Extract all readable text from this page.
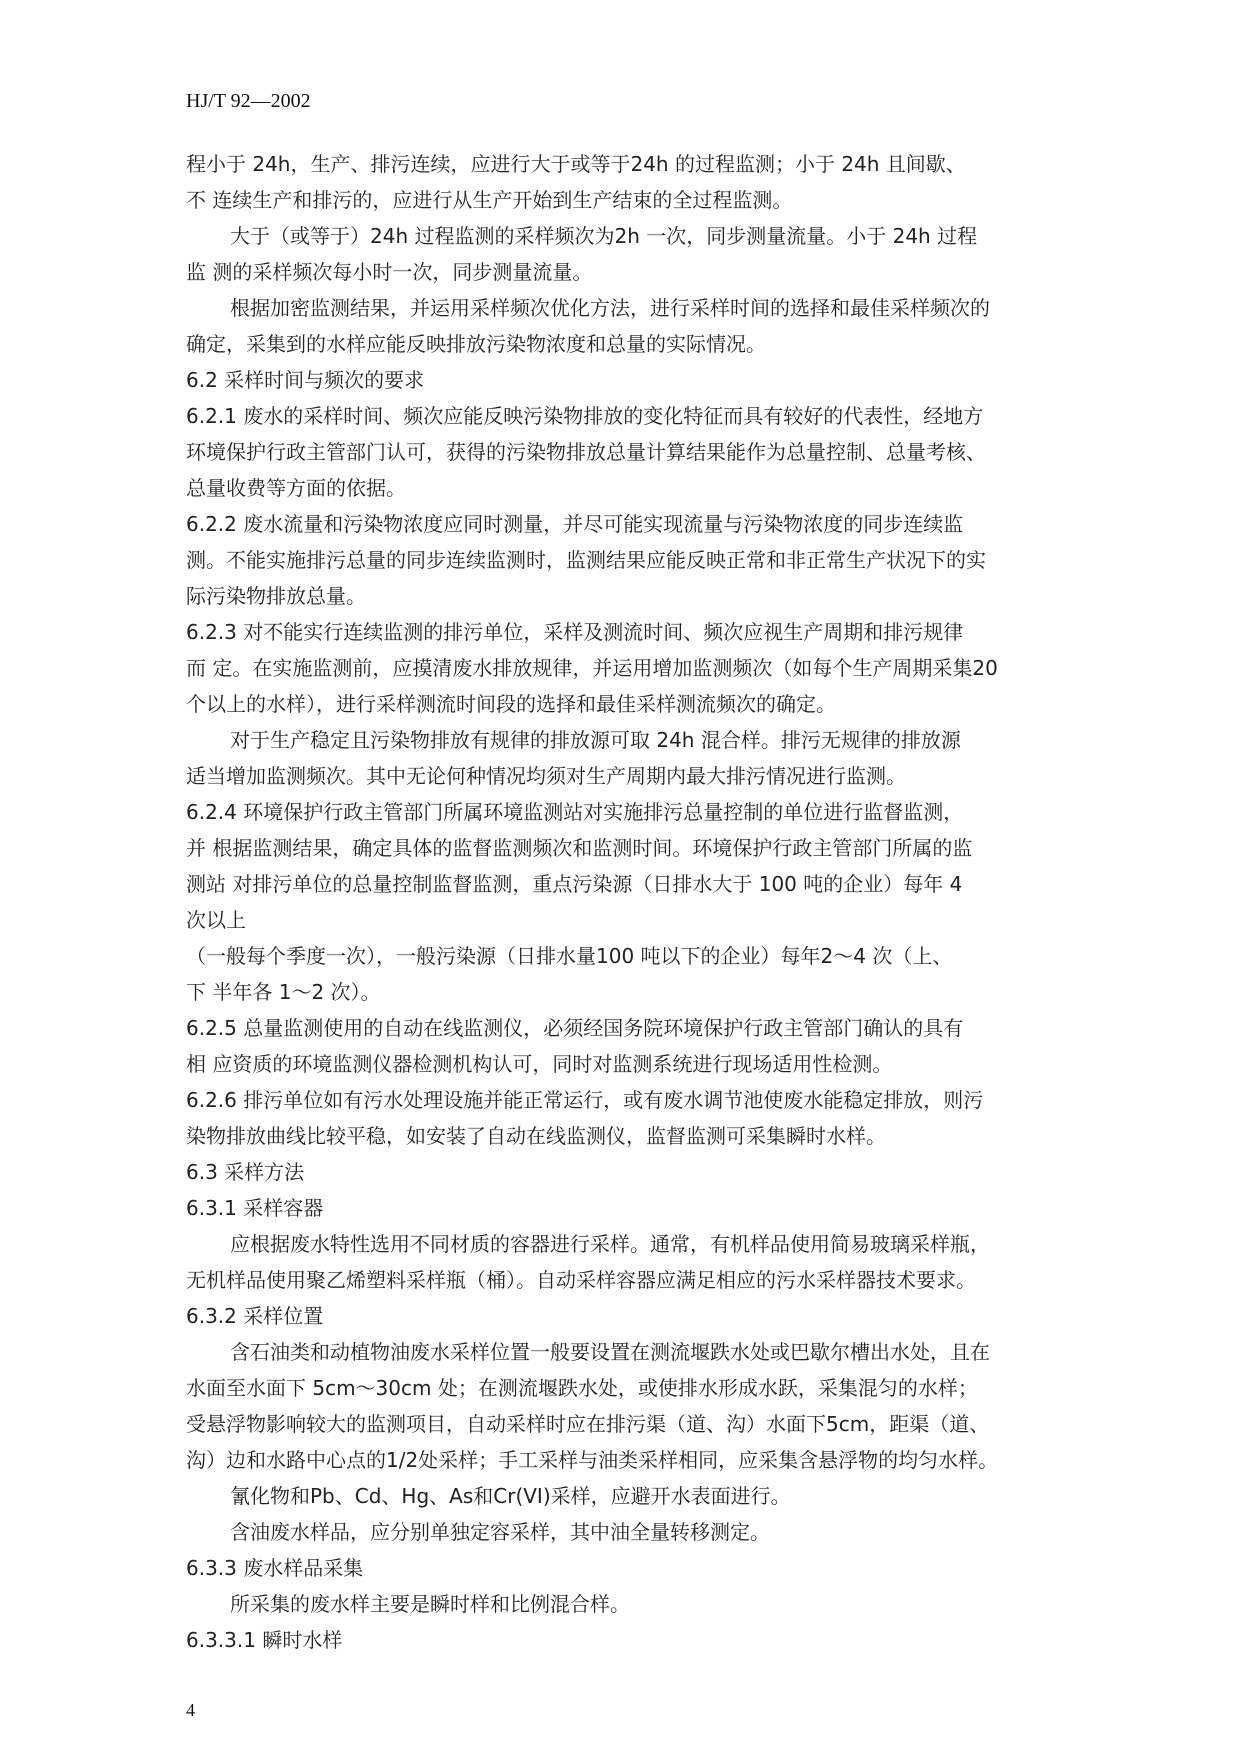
HJ/T 92—2002
程小于 24h，生产、排污连续，应进行大于或等于24h 的过程监测；小于 24h 且间歇、
不 连续生产和排污的，应进行从生产开始到生产结束的全过程监测。
大于（或等于）24h 过程监测的采样频次为2h 一次，同步测量流量。小于 24h 过程
监 测的采样频次每小时一次，同步测量流量。
根据加密监测结果，并运用采样频次优化方法，进行采样时间的选择和最佳采样频次的
确定，采集到的水样应能反映排放污染物浓度和总量的实际情况。
6.2 采样时间与频次的要求
6.2.1 废水的采样时间、频次应能反映污染物排放的变化特征而具有较好的代表性，经地方
环境保护行政主管部门认可，获得的污染物排放总量计算结果能作为总量控制、总量考核、
总量收费等方面的依据。
6.2.2 废水流量和污染物浓度应同时测量，并尽可能实现流量与污染物浓度的同步连续监
测。不能实施排污总量的同步连续监测时，监测结果应能反映正常和非正常生产状况下的实
际污染物排放总量。
6.2.3 对不能实行连续监测的排污单位，采样及测流时间、频次应视生产周期和排污规律
而 定。在实施监测前，应摸清废水排放规律，并运用增加监测频次（如每个生产周期采集20
个以上的水样），进行采样测流时间段的选择和最佳采样测流频次的确定。
对于生产稳定且污染物排放有规律的排放源可取 24h 混合样。排污无规律的排放源
适当增加监测频次。其中无论何种情况均须对生产周期内最大排污情况进行监测。
6.2.4 环境保护行政主管部门所属环境监测站对实施排污总量控制的单位进行监督监测，
并 根据监测结果，确定具体的监督监测频次和监测时间。环境保护行政主管部门所属的监
测站 对排污单位的总量控制监督监测，重点污染源（日排水大于 100 吨的企业）每年 4
次以上
（一般每个季度一次），一般污染源（日排水量100 吨以下的企业）每年2～4 次（上、
下 半年各 1～2 次）。
6.2.5 总量监测使用的自动在线监测仪，必须经国务院环境保护行政主管部门确认的具有
相 应资质的环境监测仪器检测机构认可，同时对监测系统进行现场适用性检测。
6.2.6 排污单位如有污水处理设施并能正常运行，或有废水调节池使废水能稳定排放，则污
染物排放曲线比较平稳，如安装了自动在线监测仪，监督监测可采集瞬时水样。
6.3 采样方法
6.3.1 采样容器
应根据废水特性选用不同材质的容器进行采样。通常，有机样品使用简易玻璃采样瓶，
无机样品使用聚乙烯塑料采样瓶（桶）。自动采样容器应满足相应的污水采样器技术要求。
6.3.2 采样位置
含石油类和动植物油废水采样位置一般要设置在测流堰跌水处或巴歇尔槽出水处，且在
水面至水面下 5cm～30cm 处；在测流堰跌水处，或使排水形成水跃，采集混匀的水样；
受悬浮物影响较大的监测项目，自动采样时应在排污渠（道、沟）水面下5cm，距渠（道、
沟）边和水路中心点的1/2处采样；手工采样与油类采样相同，应采集含悬浮物的均匀水样。
氰化物和Pb、Cd、Hg、As和Cr(VI)采样，应避开水表面进行。
含油废水样品，应分别单独定容采样，其中油全量转移测定。
6.3.3 废水样品采集
所采集的废水样主要是瞬时样和比例混合样。
6.3.3.1 瞬时水样
4
